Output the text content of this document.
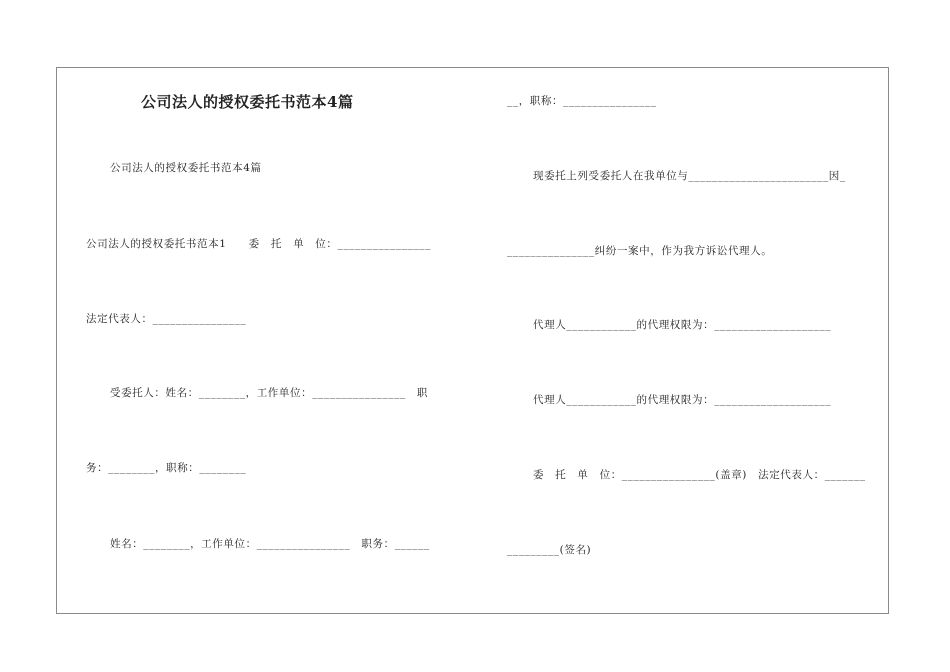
公司法人的授权委托书范本4篇
公司法人的授权委托书范本4篇
公司法人的授权委托书范本1　　委　托　单　位：________________
法定代表人：________________
受委托人：姓名：________，工作单位：________________　职
务：________，职称：________
姓名：________，工作单位：________________　职务：______
__，职称：________________
现委托上列受委托人在我单位与________________________因_
_______________纠纷一案中，作为我方诉讼代理人。
代理人____________的代理权限为：____________________
代理人____________的代理权限为：____________________
委　托　单　位：________________(盖章)　法定代表人：_______
_________(签名)
